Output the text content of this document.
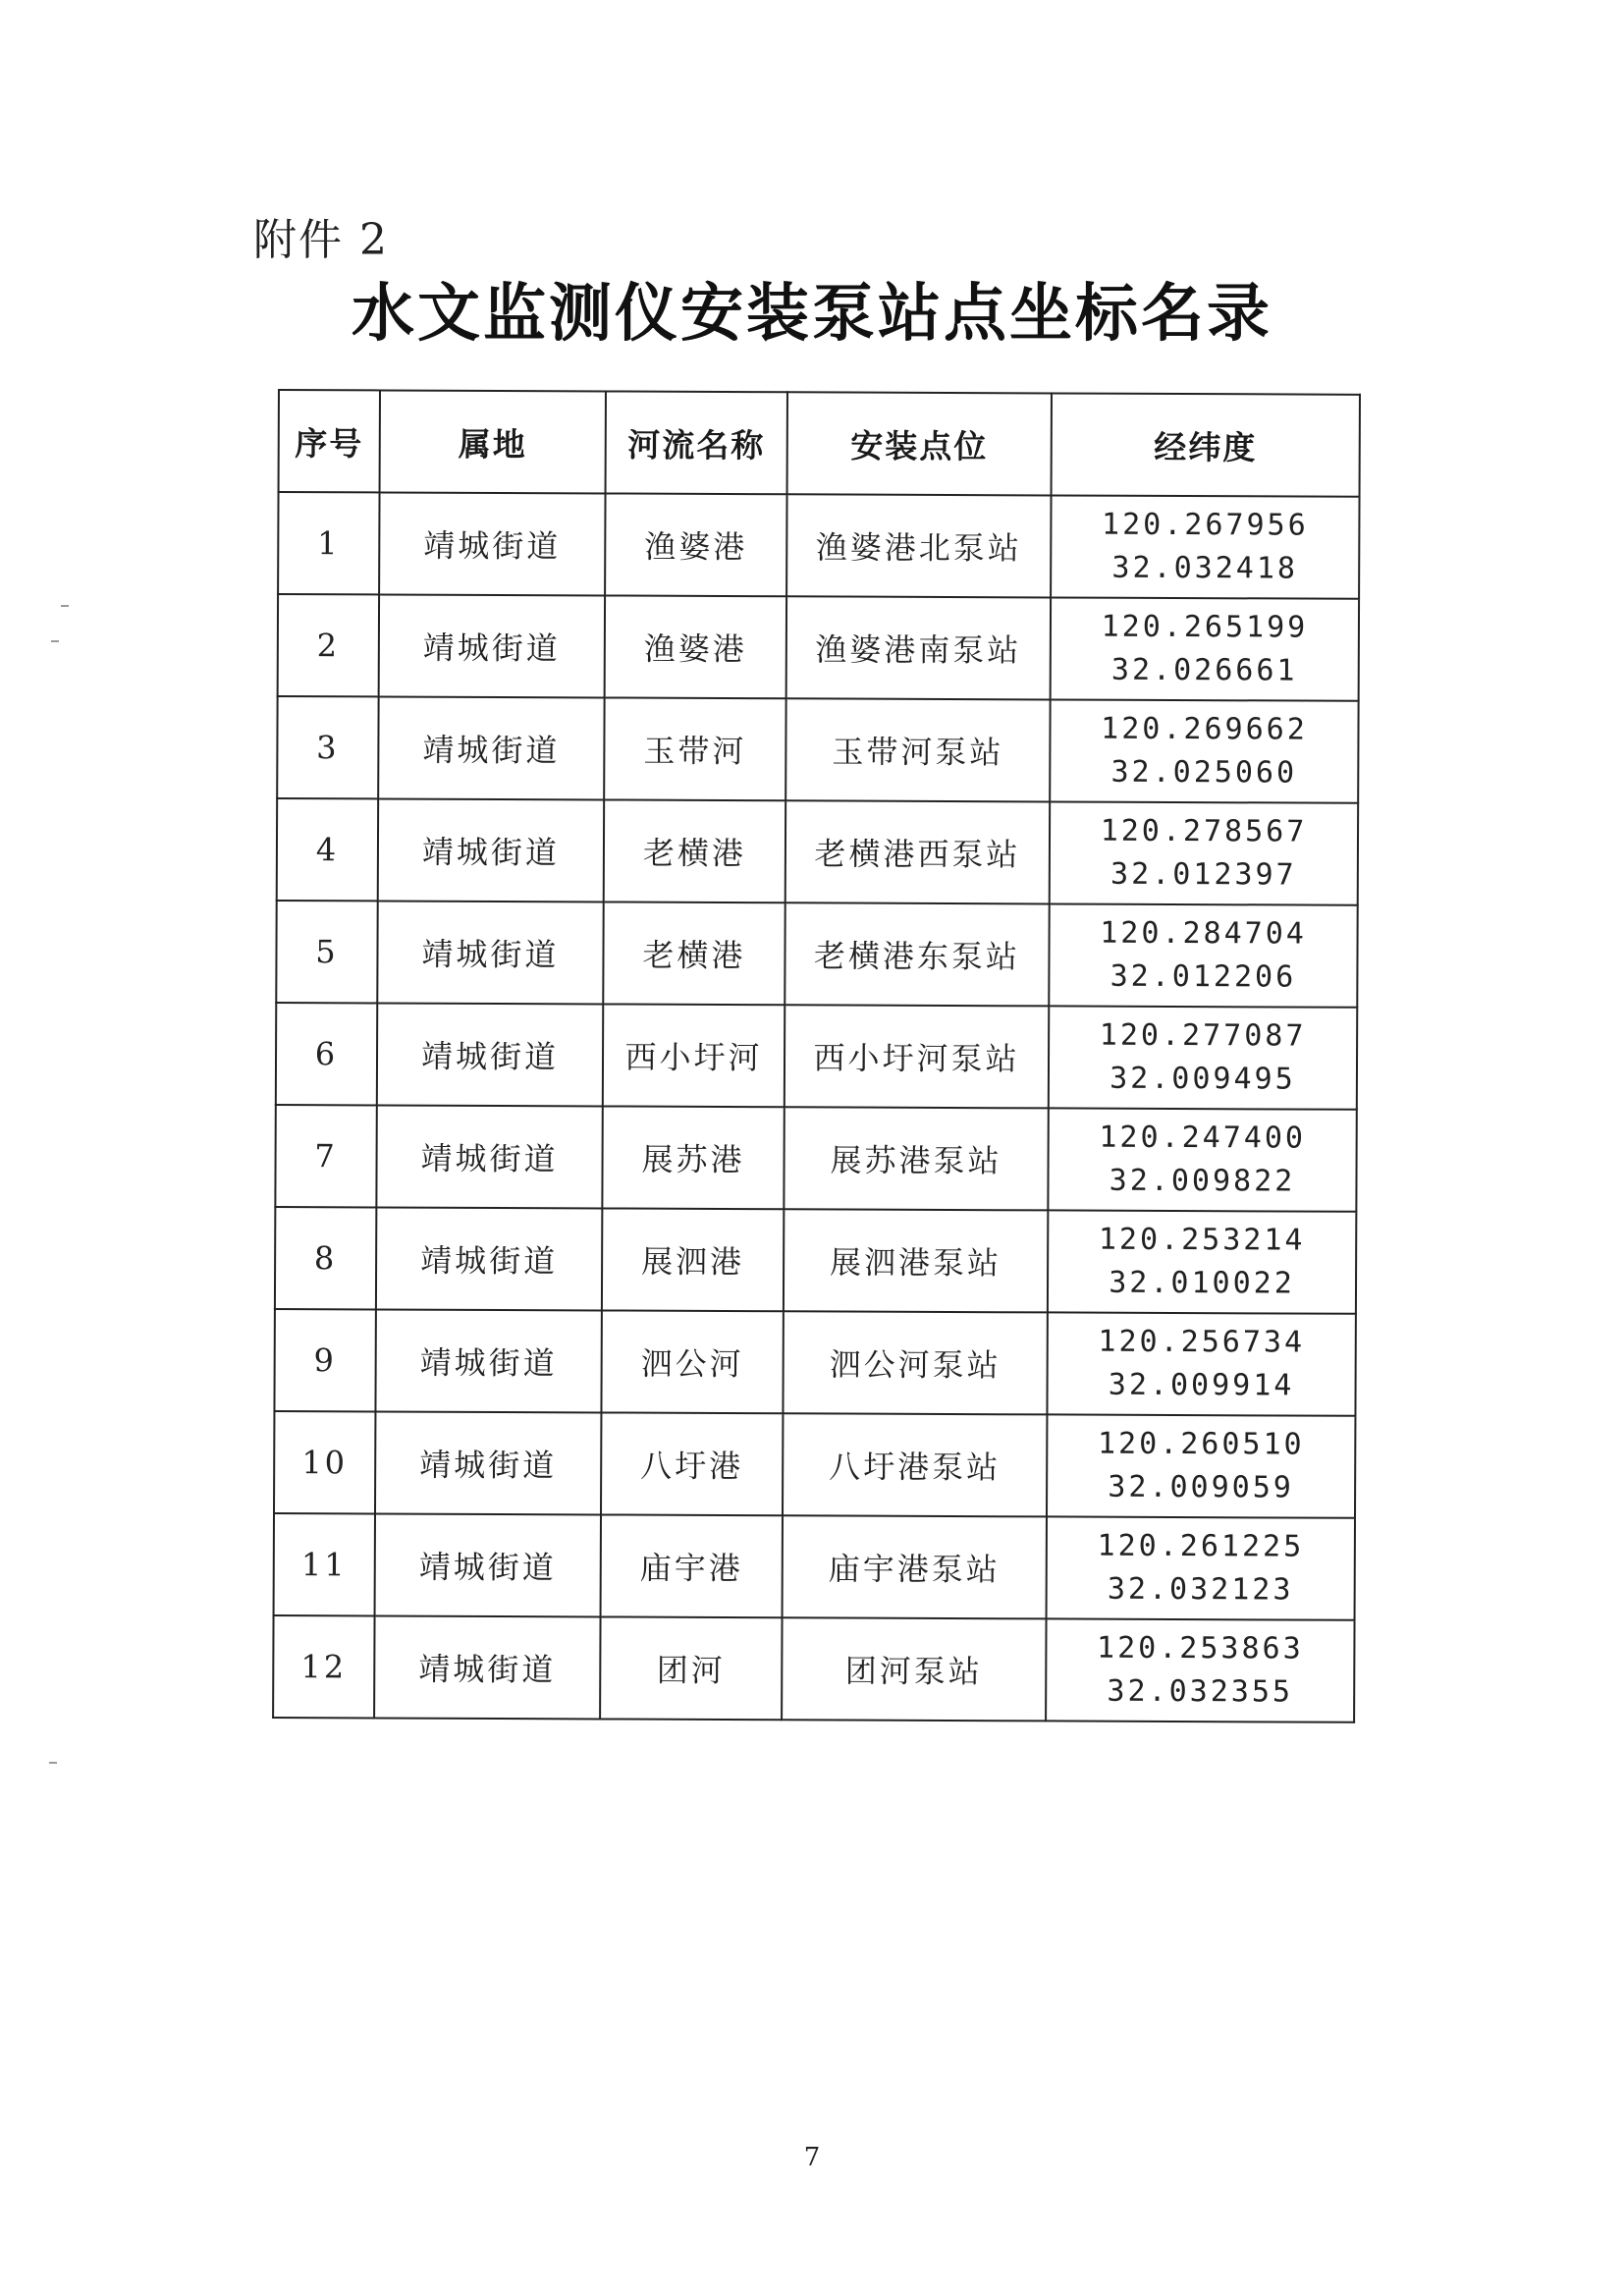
附件 2
水文监测仪安装泵站点坐标名录
序号	属地	河流名称	安装点位	经纬度
1	靖城街道	渔婆港	渔婆港北泵站	120.267956
32.032418

2	靖城街道	渔婆港	渔婆港南泵站	120.265199
32.026661

3	靖城街道	玉带河	玉带河泵站	120.269662
32.025060

4	靖城街道	老横港	老横港西泵站	120.278567
32.012397

5	靖城街道	老横港	老横港东泵站	120.284704
32.012206

6	靖城街道	西小圩河	西小圩河泵站	120.277087
32.009495

7	靖城街道	展苏港	展苏港泵站	120.247400
32.009822

8	靖城街道	展泗港	展泗港泵站	120.253214
32.010022

9	靖城街道	泗公河	泗公河泵站	120.256734
32.009914

10	靖城街道	八圩港	八圩港泵站	120.260510
32.009059

11	靖城街道	庙宇港	庙宇港泵站	120.261225
32.032123

12	靖城街道	团河	团河泵站	120.253863
32.032355
7
